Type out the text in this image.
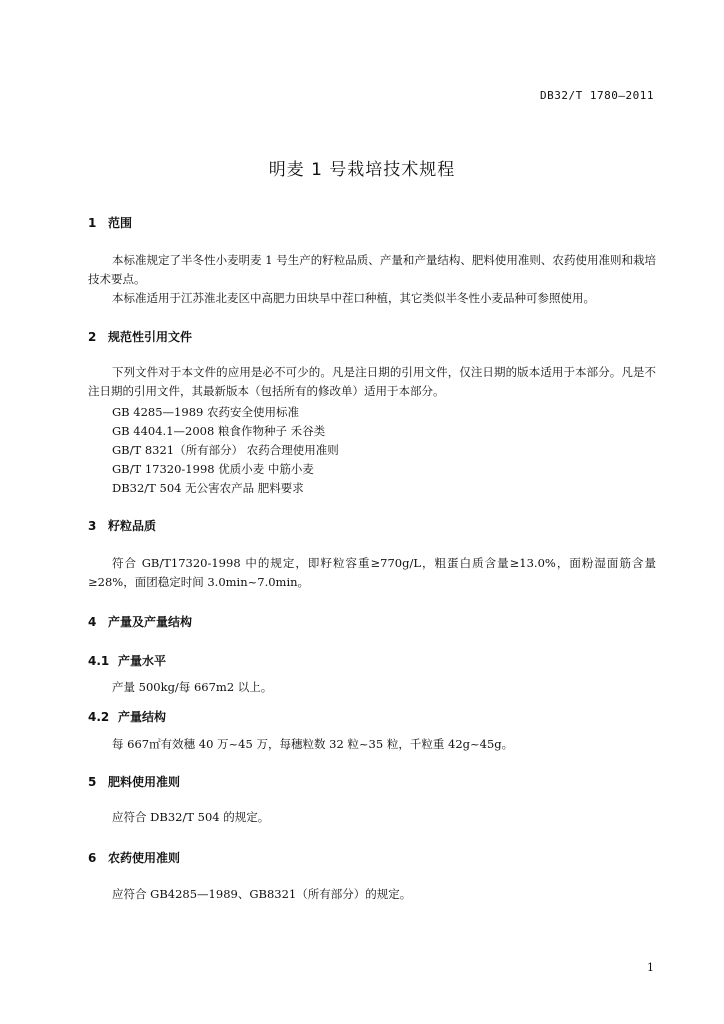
DB32/T 1780—2011
明麦 1 号栽培技术规程
1 范围
本标准规定了半冬性小麦明麦 1 号生产的籽粒品质、产量和产量结构、肥料使用准则、农药使用准则和栽培技术要点。
本标准适用于江苏淮北麦区中高肥力田块旱中茬口种植，其它类似半冬性小麦品种可参照使用。
2 规范性引用文件
下列文件对于本文件的应用是必不可少的。凡是注日期的引用文件，仅注日期的版本适用于本部分。凡是不注日期的引用文件，其最新版本（包括所有的修改单）适用于本部分。
GB 4285—1989 农药安全使用标准
GB 4404.1—2008 粮食作物种子 禾谷类
GB/T 8321（所有部分） 农药合理使用准则
GB/T 17320-1998 优质小麦 中筋小麦
DB32/T 504 无公害农产品 肥料要求
3 籽粒品质
符合 GB/T17320-1998 中的规定，即籽粒容重≥770g/L，粗蛋白质含量≥13.0%，面粉湿面筋含量≥28%，面团稳定时间 3.0min~7.0min。
4 产量及产量结构
4.1 产量水平
产量 500kg/每 667m2 以上。
4.2 产量结构
每 667㎡有效穗 40 万~45 万，每穗粒数 32 粒~35 粒，千粒重 42g~45g。
5 肥料使用准则
应符合 DB32/T 504 的规定。
6 农药使用准则
应符合 GB4285—1989、GB8321（所有部分）的规定。
1
